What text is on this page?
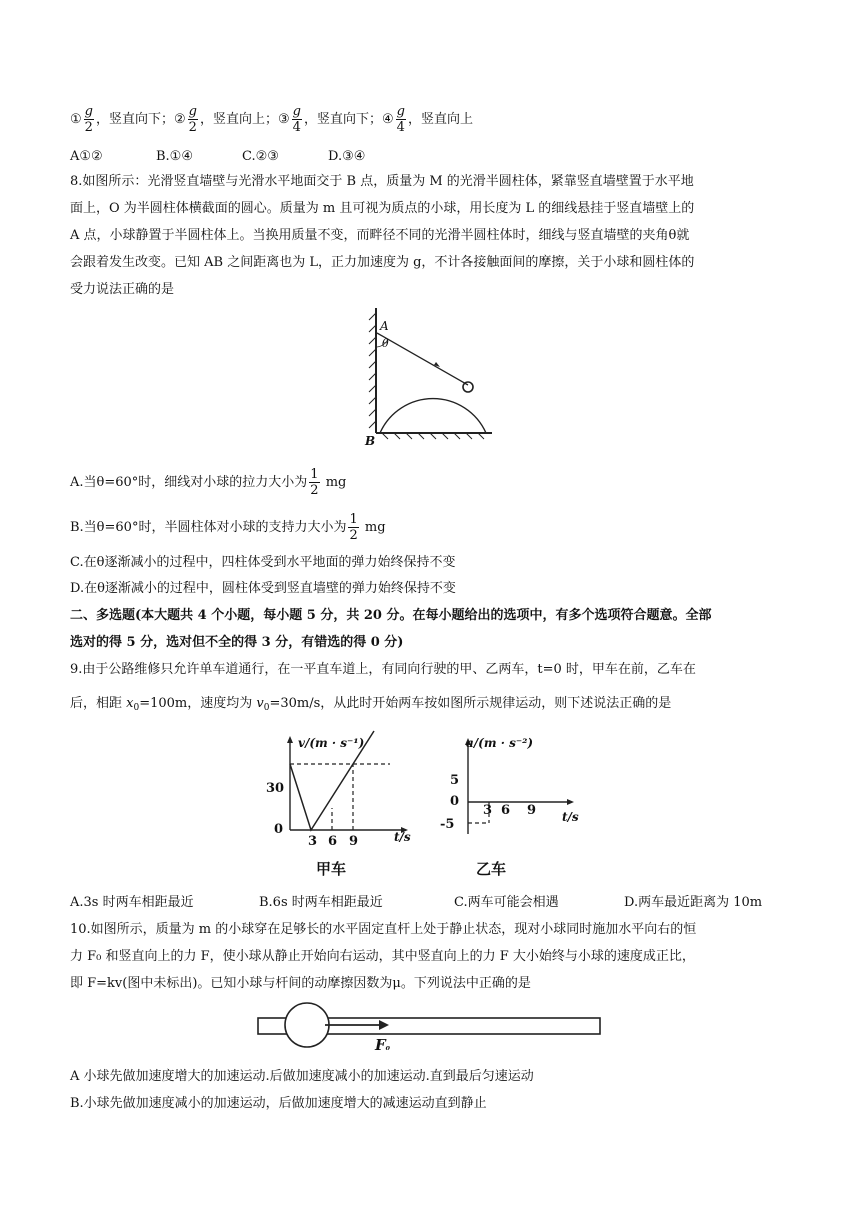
① $\frac{g}{2}$ ，竖直向下；② $\frac{g}{2}$ ，竖直向上；③ $\frac{g}{4}$ ，竖直向下；④ $\frac{g}{4}$ ，竖直向上
A①②	B.①④	C.②③	D.③④
8.如图所示：光滑竖直墙壁与光滑水平地面交于 B 点，质量为 M 的光滑半圆柱体，紧靠竖直墙壁置于水平地
面上，O 为半圆柱体横截面的圆心。质量为 m 且可视为质点的小球，用长度为 L 的细线悬挂于竖直墙壁上的
A 点，小球静置于半圆柱体上。当换用质量不变，而畔径不同的光滑半圆柱体时，细线与竖直墙壁的夹角θ就
会跟着发生改变。已知 AB 之间距离也为 L，正力加速度为 g，不计各接触面间的摩擦，关于小球和圆柱体的
受力说法正确的是
A
θ
B
A.当θ=60°时，细线对小球的拉力大小为 $\frac{1}{2}$ mg
B.当θ=60°时，半圆柱体对小球的支持力大小为 $\frac{1}{2}$ mg
C.在θ逐渐减小的过程中，四柱体受到水平地面的弹力始终保持不变
D.在θ逐渐减小的过程中，圆柱体受到竖直墙壁的弹力始终保持不变
二、多选题(本大题共 4 个小题，每小题 5 分，共 20 分。在每小题给出的选项中，有多个选项符合题意。全部
选对的得 5 分，选对但不全的得 3 分，有错选的得 0 分)
9.由于公路维修只允许单车道通行，在一平直车道上，有同向行驶的甲、乙两车，t=0 时，甲车在前，乙车在
后，相距 $x_0=100m$，速度均为 $v_0=30m/s$，从此时开始两车按如图所示规律运动，则下述说法正确的是
v/(m · s⁻¹)
t/s
30
0
3 6 9
甲车
a/(m · s⁻²)
t/s
5
0
-5
3 6 9
乙车
A.3s 时两车相距最近	B.6s 时两车相距最近	C.两车可能会相遇	D.两车最近距离为 10m
10.如图所示，质量为 m 的小球穿在足够长的水平固定直杆上处于静止状态，现对小球同时施加水平向右的恒
力 F₀ 和竖直向上的力 F，使小球从静止开始向右运动，其中竖直向上的力 F 大小始终与小球的速度成正比，
即 F=kv(图中未标出)。已知小球与杆间的动摩擦因数为μ。下列说法中正确的是
F₀
A 小球先做加速度增大的加速运动.后做加速度减小的加速运动.直到最后匀速运动
B.小球先做加速度减小的加速运动，后做加速度增大的减速运动直到静止
